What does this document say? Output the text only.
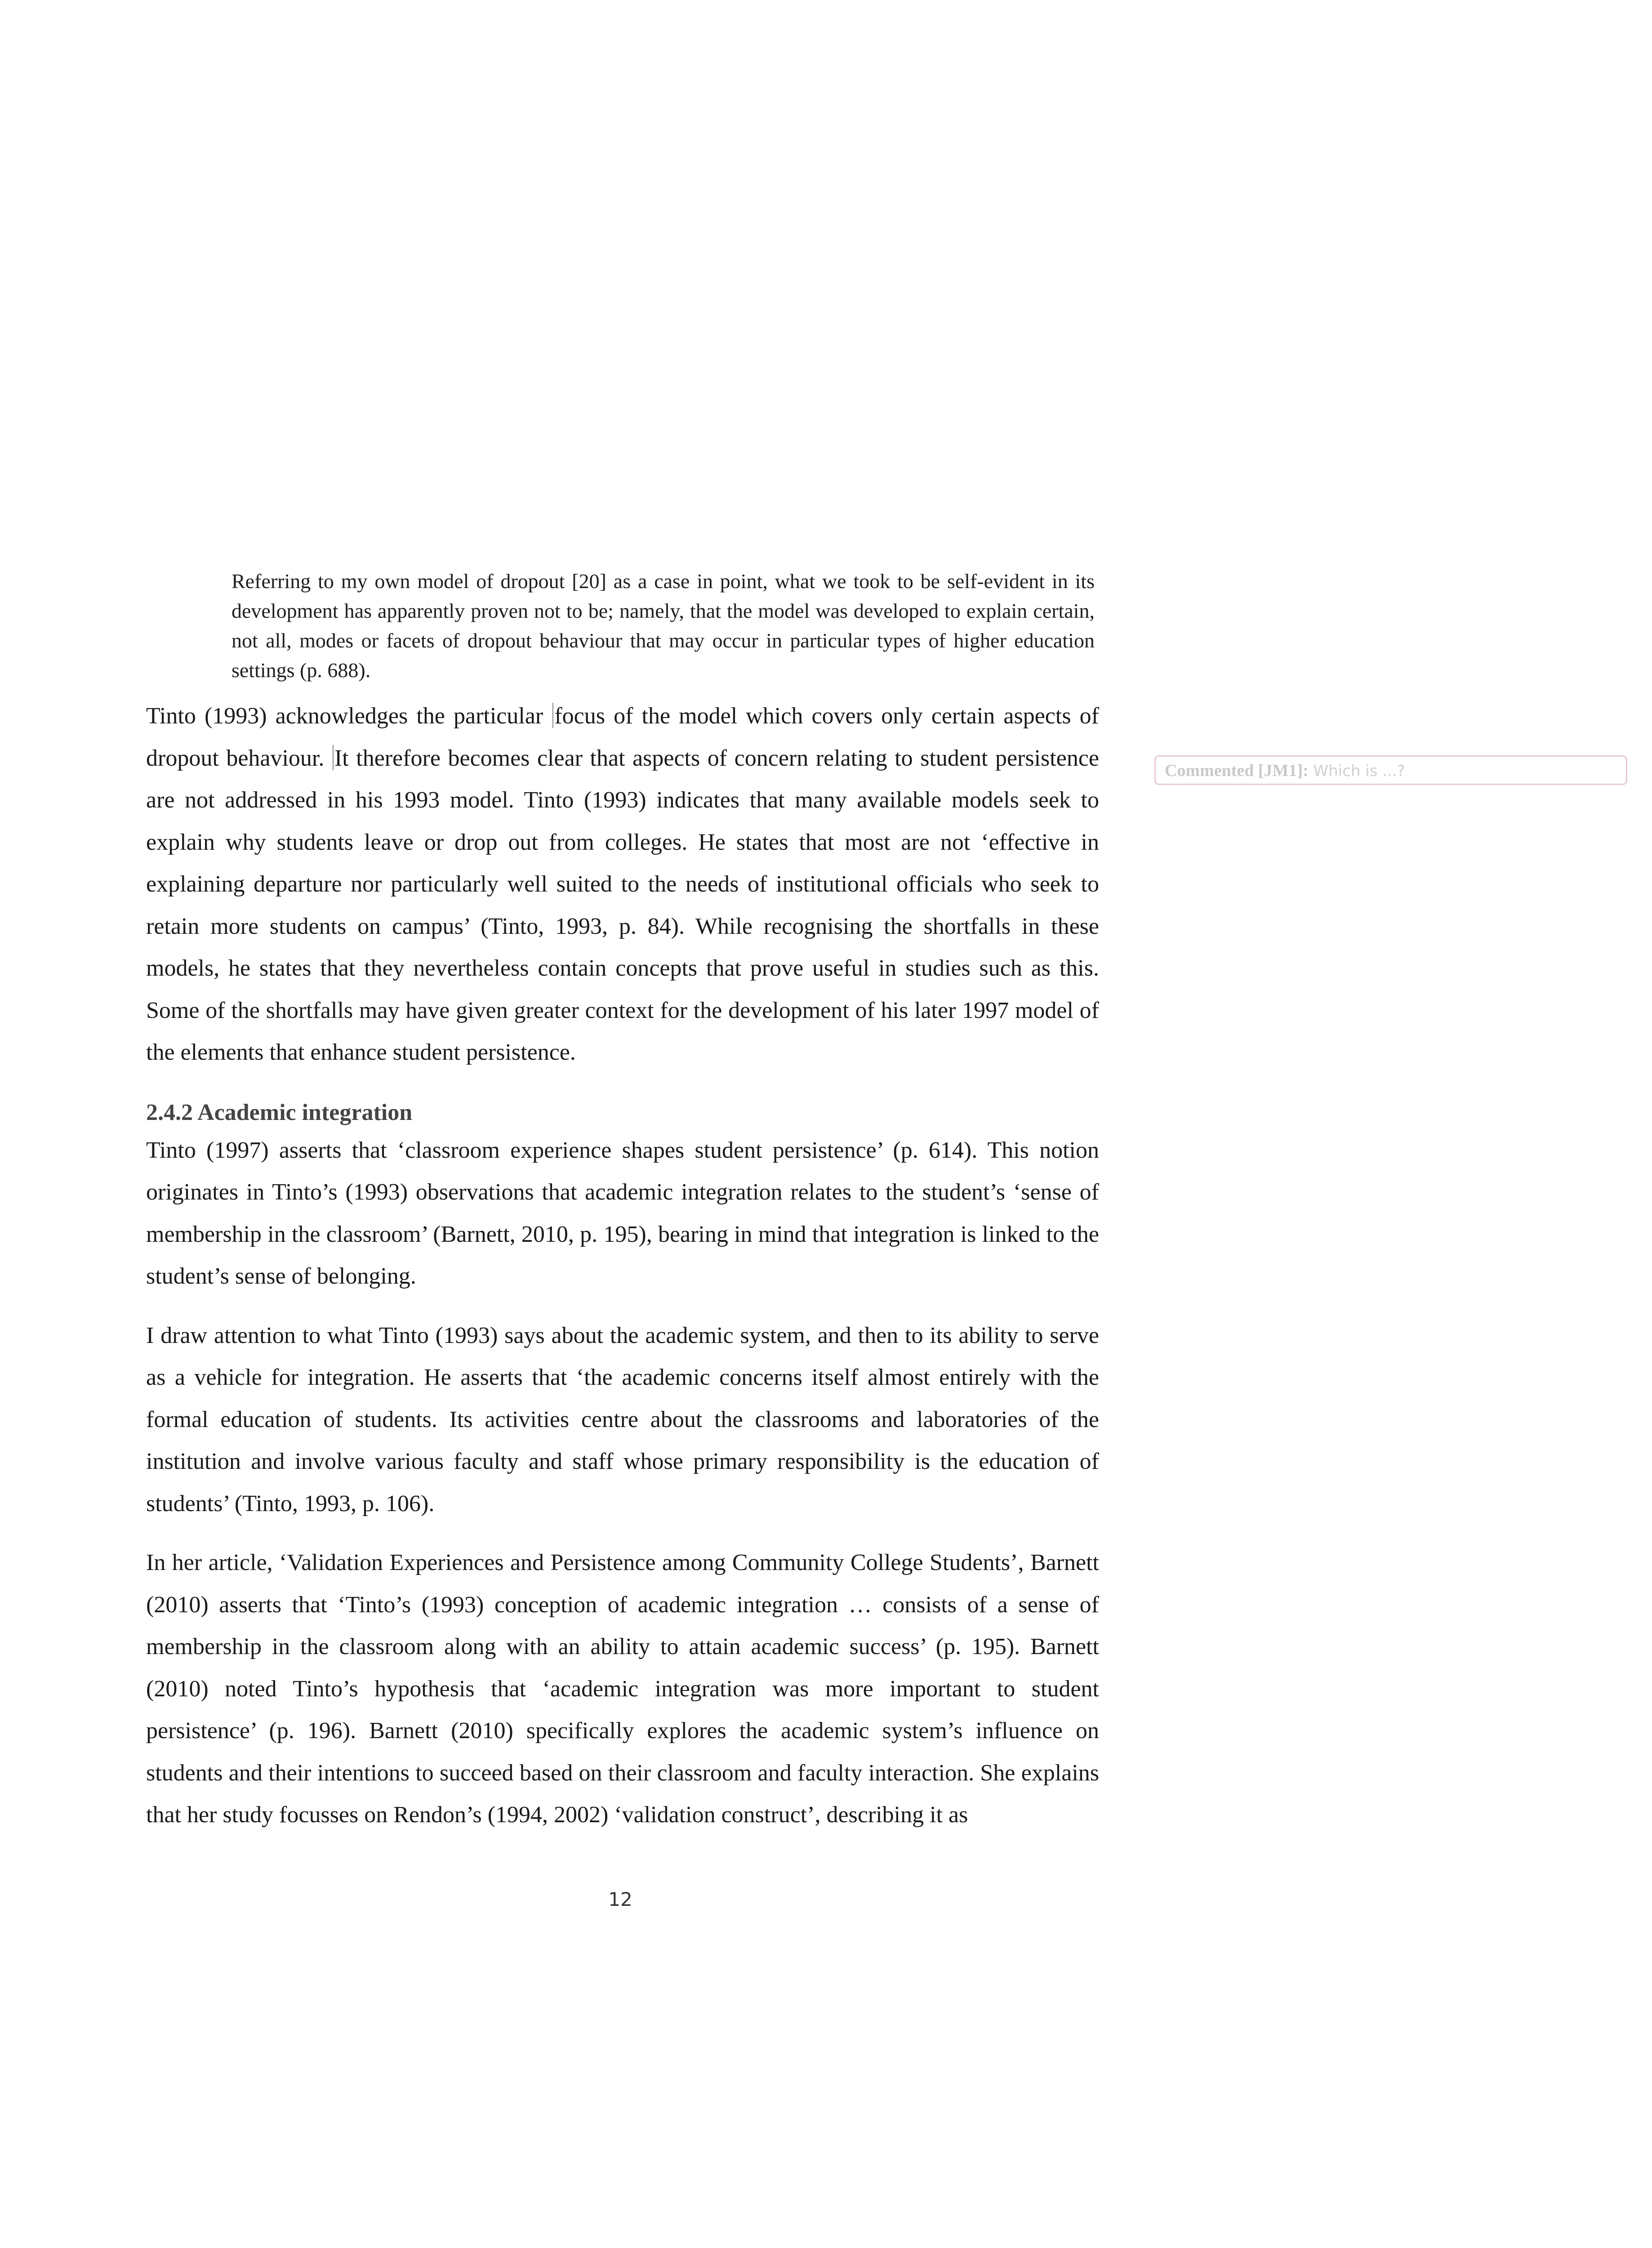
Referring to my own model of dropout [20] as a case in point, what we took to be self-evident in its development has apparently proven not to be; namely, that the model was developed to explain certain, not all, modes or facets of dropout behaviour that may occur in particular types of higher education settings (p. 688).

Tinto (1993) acknowledges the particular focus of the model which covers only certain aspects of dropout behaviour. It therefore becomes clear that aspects of concern relating to student persistence are not addressed in his 1993 model. Tinto (1993) indicates that many available models seek to explain why students leave or drop out from colleges. He states that most are not ‘effective in explaining departure nor particularly well suited to the needs of institutional officials who seek to retain more students on campus’ (Tinto, 1993, p. 84). While recognising the shortfalls in these models, he states that they nevertheless contain concepts that prove useful in studies such as this. Some of the shortfalls may have given greater context for the development of his later 1997 model of the elements that enhance student persistence.

2.4.2 Academic integration

Tinto (1997) asserts that ‘classroom experience shapes student persistence’ (p. 614). This notion originates in Tinto’s (1993) observations that academic integration relates to the student’s ‘sense of membership in the classroom’ (Barnett, 2010, p. 195), bearing in mind that integration is linked to the student’s sense of belonging.

I draw attention to what Tinto (1993) says about the academic system, and then to its ability to serve as a vehicle for integration. He asserts that ‘the academic concerns itself almost entirely with the formal education of students. Its activities centre about the classrooms and laboratories of the institution and involve various faculty and staff whose primary responsibility is the education of students’ (Tinto, 1993, p. 106).

In her article, ‘Validation Experiences and Persistence among Community College Students’, Barnett (2010) asserts that ‘Tinto’s (1993) conception of academic integration … consists of a sense of membership in the classroom along with an ability to attain academic success’ (p. 195). Barnett (2010) noted Tinto’s hypothesis that ‘academic integration was more important to student persistence’ (p. 196). Barnett (2010) specifically explores the academic system’s influence on students and their intentions to succeed based on their classroom and faculty interaction. She explains that her study focusses on Rendon’s (1994, 2002) ‘validation construct’, describing it as

Commented [JM1]: Which is ...?
12
